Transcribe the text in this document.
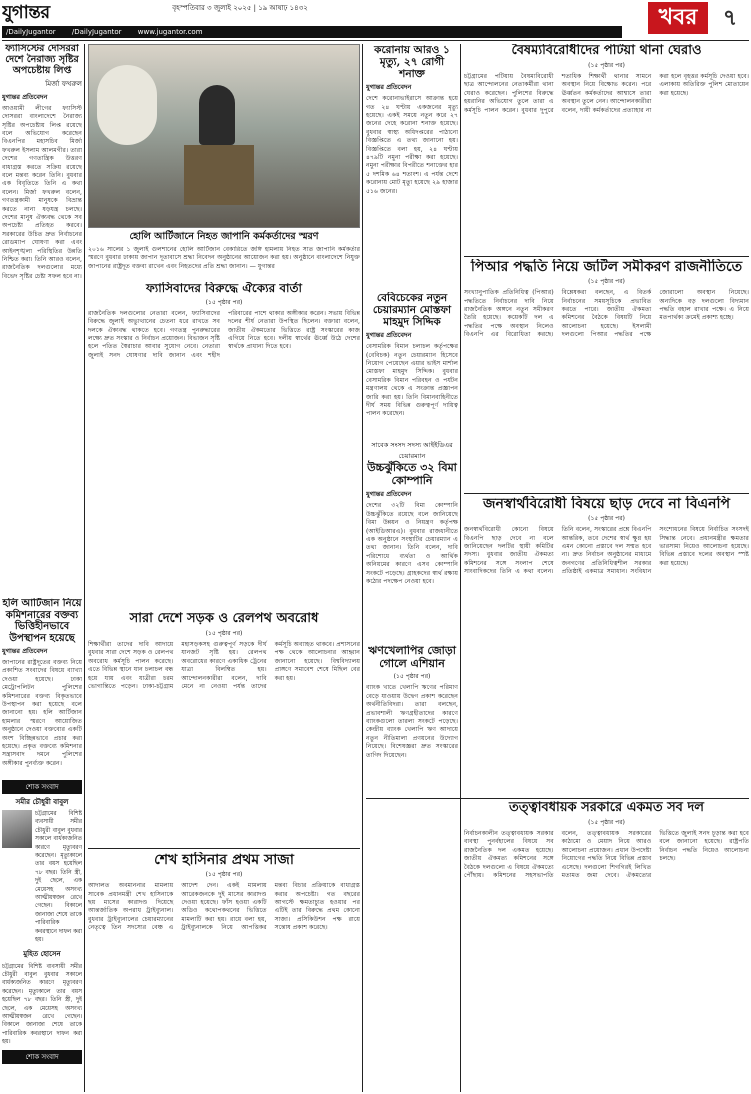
যুগান্তর	বৃহস্পতিবার ৩ জুলাই ২০২৫ | ১৯ আষাঢ় ১৪৩২
/DailyJugantor /DailyJugantor www.jugantor.com
খবর	৭
ফ্যাসিস্টের দোসররা দেশে নৈরাজ্য সৃষ্টির অপচেষ্টায় লিপ্ত
মির্জা ফখরুল
যুগান্তর প্রতিবেদন
আওয়ামী লীগের ফ্যাসিস্ট দোসররা বাংলাদেশে নৈরাজ্য সৃষ্টির অপচেষ্টায় লিপ্ত রয়েছে বলে অভিযোগ করেছেন বিএনপির মহাসচিব মির্জা ফখরুল ইসলাম আলমগীর। তারা দেশের গণতান্ত্রিক উত্তরণ বাধাগ্রস্ত করতে সক্রিয় রয়েছে বলে মন্তব্য করেন তিনি। বুধবার এক বিবৃতিতে তিনি এ কথা বলেন। মির্জা ফখরুল বলেন, গণতন্ত্রকামী মানুষকে বিভ্রান্ত করতে নানা ষড়যন্ত্র চলছে। দেশের মানুষ ঐক্যবদ্ধ থেকে সব অপচেষ্টা প্রতিহত করবে। সরকারের উচিত দ্রুত নির্বাচনের রোডম্যাপ ঘোষণা করা এবং আইনশৃঙ্খলা পরিস্থিতির উন্নতি নিশ্চিত করা। তিনি আরও বলেন, রাজনৈতিক দলগুলোর মধ্যে বিভেদ সৃষ্টির চেষ্টা সফল হবে না।
হলি আর্টিজান নিয়ে কমিশনারের বক্তব্য ভিত্তিহীনভাবে উপস্থাপন হয়েছে
যুগান্তর প্রতিবেদন
জাপানের রাষ্ট্রদূতের বক্তব্য নিয়ে প্রকাশিত সংবাদের বিষয়ে ব্যাখ্যা দেওয়া হয়েছে। ঢাকা মেট্রোপলিটন পুলিশের কমিশনারের বক্তব্য বিকৃতভাবে উপস্থাপন করা হয়েছে বলে জানানো হয়। হলি আর্টিজান হামলার স্মরণে আয়োজিত অনুষ্ঠানে দেওয়া বক্তব্যের একটি অংশ বিচ্ছিন্নভাবে প্রচার করা হয়েছে। প্রকৃত বক্তব্যে কমিশনার সন্ত্রাসবাদ দমনে পুলিশের অঙ্গীকার পুনর্ব্যক্ত করেন।
শোক সংবাদ
সমীর চৌধুরী বাবুল
চট্টগ্রামের বিশিষ্ট ব্যবসায়ী সমীর চৌধুরী বাবুল বুধবার সকালে বার্ধক্যজনিত কারণে মৃত্যুবরণ করেছেন। মৃত্যুকালে তার বয়স হয়েছিল ৭৮ বছর। তিনি স্ত্রী, দুই ছেলে, এক মেয়েসহ অসংখ্য আত্মীয়স্বজন রেখে গেছেন। বিকালে জানাজা শেষে তাকে পারিবারিক কবরস্থানে দাফন করা হয়।
মুহিত হোসেন
চট্টগ্রামের বিশিষ্ট ব্যবসায়ী সমীর চৌধুরী বাবুল বুধবার সকালে বার্ধক্যজনিত কারণে মৃত্যুবরণ করেছেন। মৃত্যুকালে তার বয়স হয়েছিল ৭৮ বছর। তিনি স্ত্রী, দুই ছেলে, এক মেয়েসহ অসংখ্য আত্মীয়স্বজন রেখে গেছেন। বিকালে জানাজা শেষে তাকে পারিবারিক কবরস্থানে দাফন করা হয়।
শোক সংবাদ
হোলি আর্টিজানে নিহত জাপানি কর্মকর্তাদের স্মরণ
২০১৬ সালের ১ জুলাই গুলশানের হোলি আর্টিজান বেকারিতে জঙ্গি হামলায় নিহত সাত জাপানি কর্মকর্তার স্মরণে বুধবার ঢাকায় জাপান দূতাবাসে শ্রদ্ধা নিবেদন অনুষ্ঠানের আয়োজন করা হয়। অনুষ্ঠানে বাংলাদেশে নিযুক্ত জাপানের রাষ্ট্রদূত বক্তব্য রাখেন এবং নিহতদের প্রতি শ্রদ্ধা জানান। — যুগান্তর
ফ্যাসিবাদের বিরুদ্ধে ঐক্যের বার্তা
(১৫ পৃষ্ঠার পর)
রাজনৈতিক দলগুলোর নেতারা বলেন, ফ্যাসিবাদের বিরুদ্ধে জুলাই অভ্যুত্থানের চেতনা ধরে রাখতে সব দলকে ঐক্যবদ্ধ থাকতে হবে। গণতন্ত্র পুনরুদ্ধারের লক্ষ্যে দ্রুত সংস্কার ও নির্বাচন প্রয়োজন। বিভাজন সৃষ্টি হলে পতিত স্বৈরাচার আবার সুযোগ নেবে। নেতারা জুলাই সনদ ঘোষণার দাবি জানান এবং শহীদ পরিবারের পাশে থাকার অঙ্গীকার করেন। সভায় বিভিন্ন দলের শীর্ষ নেতারা উপস্থিত ছিলেন। বক্তারা বলেন, জাতীয় ঐকমত্যের ভিত্তিতে রাষ্ট্র সংস্কারের কাজ এগিয়ে নিতে হবে। দলীয় স্বার্থের ঊর্ধ্বে উঠে দেশের স্বার্থকে প্রাধান্য দিতে হবে।
সারা দেশে সড়ক ও রেলপথ অবরোধ
(১৫ পৃষ্ঠার পর)
শিক্ষার্থীরা তাদের দাবি আদায়ে বুধবার সারা দেশে সড়ক ও রেলপথ অবরোধ কর্মসূচি পালন করেছে। এতে বিভিন্ন স্থানে যান চলাচল বন্ধ হয়ে যায় এবং যাত্রীরা চরম ভোগান্তিতে পড়েন। ঢাকা-চট্টগ্রাম মহাসড়কসহ গুরুত্বপূর্ণ সড়কে দীর্ঘ যানজট সৃষ্টি হয়। রেলপথ অবরোধের কারণে একাধিক ট্রেনের যাত্রা বিলম্বিত হয়। আন্দোলনকারীরা বলেন, দাবি মেনে না নেওয়া পর্যন্ত তাদের কর্মসূচি অব্যাহত থাকবে। প্রশাসনের পক্ষ থেকে আলোচনার আহ্বান জানানো হয়েছে। বিশ্ববিদ্যালয় প্রাঙ্গণে সমাবেশ শেষে মিছিল বের করা হয়।
শেখ হাসিনার প্রথম সাজা
(১৫ পৃষ্ঠার পর)
আদালত অবমাননার মামলায় সাবেক প্রধানমন্ত্রী শেখ হাসিনাকে ছয় মাসের কারাদণ্ড দিয়েছে আন্তর্জাতিক অপরাধ ট্রাইব্যুনাল। বুধবার ট্রাইব্যুনালের চেয়ারম্যানের নেতৃত্বে তিন সদস্যের বেঞ্চ এ আদেশ দেন। একই মামলায় আরেকজনকে দুই মাসের কারাদণ্ড দেওয়া হয়েছে। ফাঁস হওয়া একটি অডিও কথোপকথনের ভিত্তিতে মামলাটি করা হয়। রায়ে বলা হয়, ট্রাইব্যুনালকে নিয়ে আপত্তিকর মন্তব্য বিচার প্রক্রিয়াকে বাধাগ্রস্ত করার অপচেষ্টা। গত বছরের আগস্টে ক্ষমতাচ্যুত হওয়ার পর এটিই তার বিরুদ্ধে প্রথম কোনো সাজা। প্রসিকিউশন পক্ষ রায়ে সন্তোষ প্রকাশ করেছে।
করোনায় আরও ১ মৃত্যু, ২৭ রোগী শনাক্ত
যুগান্তর প্রতিবেদন
দেশে করোনাভাইরাসে আক্রান্ত হয়ে গত ২৪ ঘণ্টায় একজনের মৃত্যু হয়েছে। একই সময়ে নতুন করে ২৭ জনের দেহে করোনা শনাক্ত হয়েছে। বুধবার স্বাস্থ্য অধিদপ্তরের পাঠানো বিজ্ঞপ্তিতে এ তথ্য জানানো হয়। বিজ্ঞপ্তিতে বলা হয়, ২৪ ঘণ্টায় ৪৭৯টি নমুনা পরীক্ষা করা হয়েছে। নমুনা পরীক্ষার বিপরীতে শনাক্তের হার ৫ দশমিক ৬৪ শতাংশ। এ পর্যন্ত দেশে করোনায় মোট মৃত্যু হয়েছে ২৯ হাজার ৫১৬ জনের।
বেবিচেকের নতুন চেয়ারম্যান মোস্তফা মাহমুদ সিদ্দিক
যুগান্তর প্রতিবেদন
বেসামরিক বিমান চলাচল কর্তৃপক্ষের (বেবিচক) নতুন চেয়ারম্যান হিসেবে নিয়োগ পেয়েছেন এয়ার ভাইস মার্শাল মোস্তফা মাহমুদ সিদ্দিক। বুধবার বেসামরিক বিমান পরিবহন ও পর্যটন মন্ত্রণালয় থেকে এ সংক্রান্ত প্রজ্ঞাপন জারি করা হয়। তিনি বিমানবাহিনীতে দীর্ঘ সময় বিভিন্ন গুরুত্বপূর্ণ দায়িত্ব পালন করেছেন।
সাবেক সংসদ সদস্য আইইডিএর চেয়ারম্যান
উচ্চঝুঁকিতে ৩২ বিমা কোম্পানি
যুগান্তর প্রতিবেদন
দেশের ৩২টি বিমা কোম্পানি উচ্চঝুঁকিতে রয়েছে বলে জানিয়েছে বিমা উন্নয়ন ও নিয়ন্ত্রণ কর্তৃপক্ষ (আইডিআরএ)। বুধবার রাজধানীতে এক অনুষ্ঠানে সংস্থাটির চেয়ারম্যান এ তথ্য জানান। তিনি বলেন, দাবি পরিশোধে ব্যর্থতা ও আর্থিক অনিয়মের কারণে এসব কোম্পানি সংকটে পড়েছে। গ্রাহকদের স্বার্থ রক্ষায় কঠোর পদক্ষেপ নেওয়া হবে।
ঋণখেলাপির জোড়া গোলে এশিয়ান
(১৫ পৃষ্ঠার পর)
ব্যাংক খাতে খেলাপি ঋণের পরিমাণ বেড়ে যাওয়ায় উদ্বেগ প্রকাশ করেছেন অর্থনীতিবিদরা। তারা বলছেন, প্রভাবশালী ঋণগ্রহীতাদের কারণে ব্যাংকগুলো তারল্য সংকটে পড়েছে। কেন্দ্রীয় ব্যাংক খেলাপি ঋণ আদায়ে নতুন নীতিমালা প্রণয়নের উদ্যোগ নিয়েছে। বিশেষজ্ঞরা দ্রুত সংস্কারের তাগিদ দিয়েছেন।
বৈষম্যবিরোধীদের পটিয়া থানা ঘেরাও
(১৫ পৃষ্ঠার পর)
চট্টগ্রামের পটিয়ায় বৈষম্যবিরোধী ছাত্র আন্দোলনের নেতাকর্মীরা থানা ঘেরাও করেছেন। পুলিশের বিরুদ্ধে হয়রানির অভিযোগ তুলে তারা এ কর্মসূচি পালন করেন। বুধবার দুপুরে শতাধিক শিক্ষার্থী থানার সামনে অবস্থান নিয়ে বিক্ষোভ করেন। পরে ঊর্ধ্বতন কর্মকর্তাদের আশ্বাসে তারা অবস্থান তুলে নেন। আন্দোলনকারীরা বলেন, দায়ী কর্মকর্তাদের প্রত্যাহার না করা হলে বৃহত্তর কর্মসূচি দেওয়া হবে। এলাকায় অতিরিক্ত পুলিশ মোতায়েন করা হয়েছে।
পিআর পদ্ধতি নিয়ে জটিল সমীকরণ রাজনীতিতে
(১৫ পৃষ্ঠার পর)
সংখ্যানুপাতিক প্রতিনিধিত্ব (পিআর) পদ্ধতিতে নির্বাচনের দাবি নিয়ে রাজনৈতিক অঙ্গনে নতুন সমীকরণ তৈরি হয়েছে। কয়েকটি দল এ পদ্ধতির পক্ষে অবস্থান নিলেও বিএনপি এর বিরোধিতা করছে। বিশ্লেষকরা বলছেন, এ বিতর্ক নির্বাচনের সময়সূচিকে প্রভাবিত করতে পারে। জাতীয় ঐকমত্য কমিশনের বৈঠকে বিষয়টি নিয়ে আলোচনা হয়েছে। ইসলামী দলগুলো পিআর পদ্ধতির পক্ষে জোরালো অবস্থান নিয়েছে। অন্যদিকে বড় দলগুলো বিদ্যমান পদ্ধতি বহাল রাখার পক্ষে। এ নিয়ে মতপার্থক্য ক্রমেই প্রকাশ্য হচ্ছে।
জনস্বার্থবিরোধী বিষয়ে ছাড় দেবে না বিএনপি
(১৫ পৃষ্ঠার পর)
জনস্বার্থবিরোধী কোনো বিষয়ে বিএনপি ছাড় দেবে না বলে জানিয়েছেন দলটির স্থায়ী কমিটির সদস্য। বুধবার জাতীয় ঐকমত্য কমিশনের সঙ্গে সংলাপ শেষে সাংবাদিকদের তিনি এ কথা বলেন। তিনি বলেন, সংস্কারের প্রশ্নে বিএনপি আন্তরিক, তবে দেশের স্বার্থ ক্ষুণ্ণ হয় এমন কোনো প্রস্তাবে দল সম্মত হবে না। দ্রুত নির্বাচন অনুষ্ঠানের মাধ্যমে জনগণের প্রতিনিধিত্বশীল সরকার প্রতিষ্ঠাই একমাত্র সমাধান। সংবিধান সংশোধনের বিষয়ে নির্বাচিত সংসদই সিদ্ধান্ত নেবে। প্রধানমন্ত্রীর ক্ষমতার ভারসাম্য নিয়েও আলোচনা হয়েছে। বিভিন্ন প্রস্তাবে দলের অবস্থান স্পষ্ট করা হয়েছে।
তত্ত্বাবধায়ক সরকারে একমত সব দল
(১৫ পৃষ্ঠার পর)
নির্বাচনকালীন তত্ত্বাবধায়ক সরকার ব্যবস্থা পুনর্বহালের বিষয়ে সব রাজনৈতিক দল একমত হয়েছে। জাতীয় ঐকমত্য কমিশনের সঙ্গে বৈঠকে দলগুলো এ বিষয়ে ঐকমত্যে পৌঁছায়। কমিশনের সহসভাপতি বলেন, তত্ত্বাবধায়ক সরকারের কাঠামো ও মেয়াদ নিয়ে আরও আলোচনা প্রয়োজন। প্রধান উপদেষ্টা নিয়োগের পদ্ধতি নিয়ে বিভিন্ন প্রস্তাব এসেছে। দলগুলো শিগগিরই লিখিত মতামত জমা দেবে। ঐকমত্যের ভিত্তিতে জুলাই সনদ চূড়ান্ত করা হবে বলে জানানো হয়েছে। রাষ্ট্রপতি নির্বাচন পদ্ধতি নিয়েও আলোচনা চলছে।
